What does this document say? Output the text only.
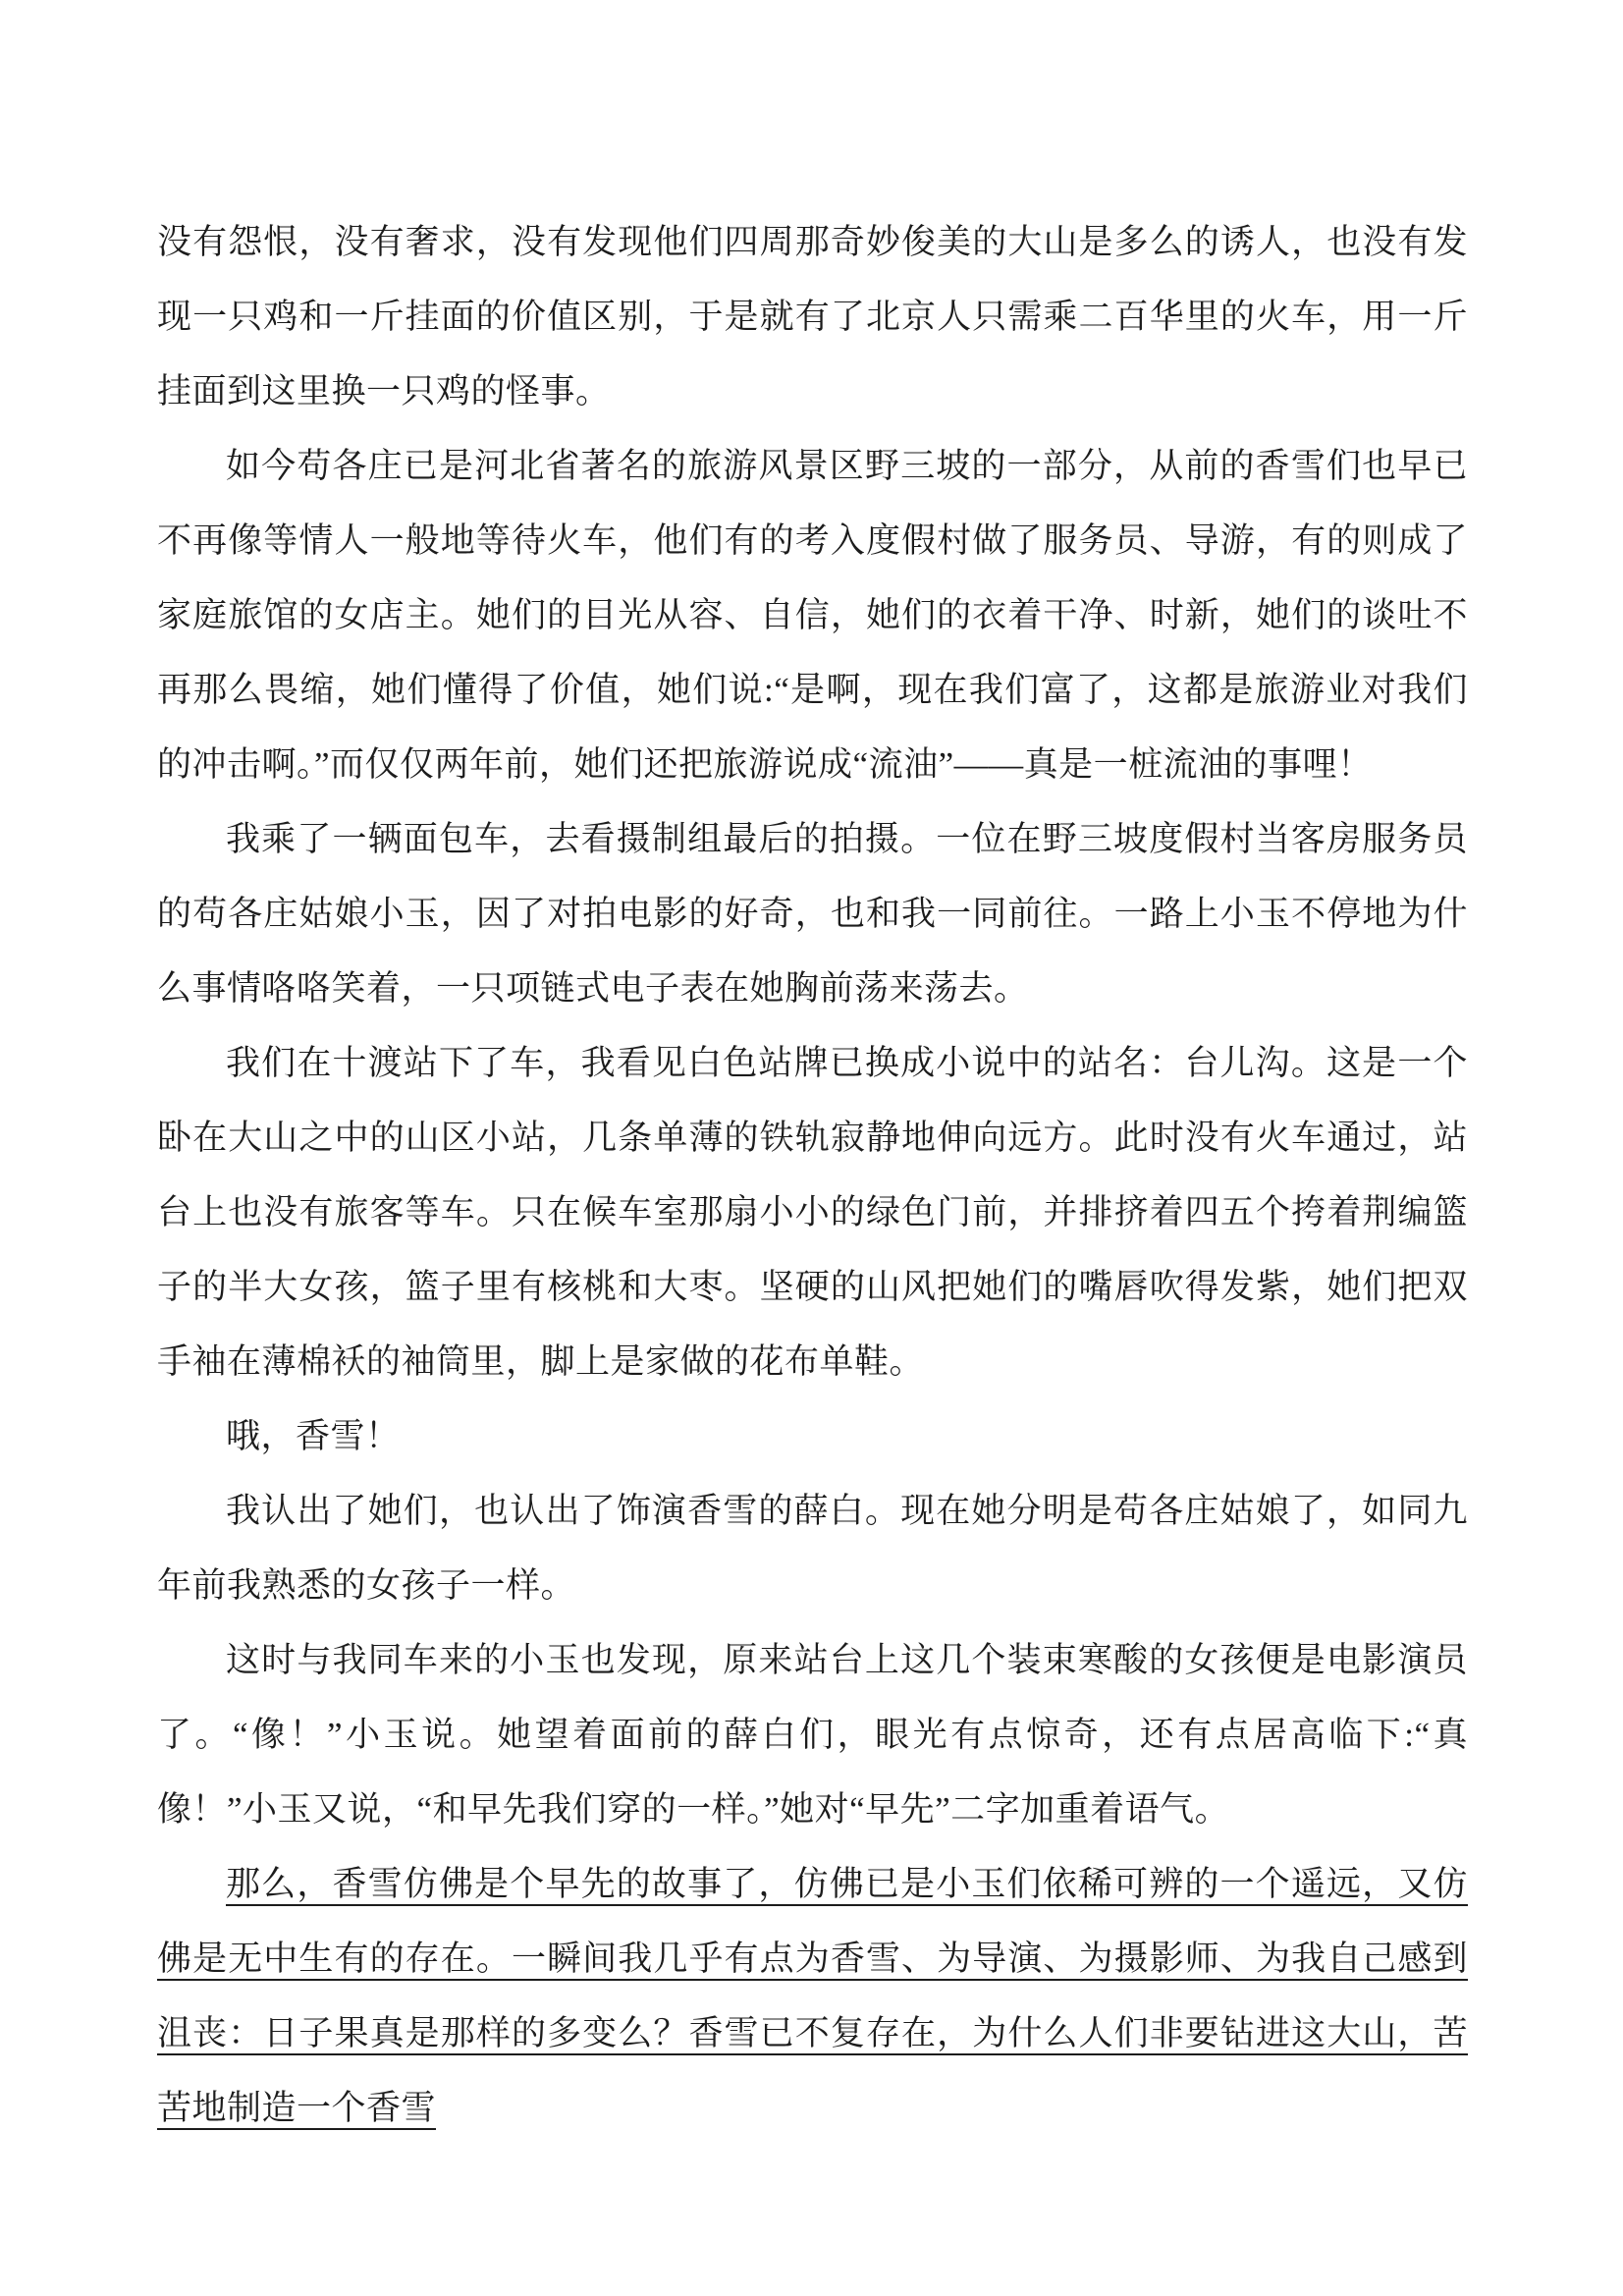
没有怨恨，没有奢求，没有发现他们四周那奇妙俊美的大山是多么的诱人，也没有发现一只鸡和一斤挂面的价值区别，于是就有了北京人只需乘二百华里的火车，用一斤挂面到这里换一只鸡的怪事。

如今苟各庄已是河北省著名的旅游风景区野三坡的一部分，从前的香雪们也早已不再像等情人一般地等待火车，他们有的考入度假村做了服务员、导游，有的则成了家庭旅馆的女店主。她们的目光从容、自信，她们的衣着干净、时新，她们的谈吐不再那么畏缩，她们懂得了价值，她们说:“是啊，现在我们富了，这都是旅游业对我们的冲击啊。”而仅仅两年前，她们还把旅游说成“流油”——真是一桩流油的事哩！

我乘了一辆面包车，去看摄制组最后的拍摄。一位在野三坡度假村当客房服务员的苟各庄姑娘小玉，因了对拍电影的好奇，也和我一同前往。一路上小玉不停地为什么事情咯咯笑着，一只项链式电子表在她胸前荡来荡去。

我们在十渡站下了车，我看见白色站牌已换成小说中的站名：台儿沟。这是一个卧在大山之中的山区小站，几条单薄的铁轨寂静地伸向远方。此时没有火车通过，站台上也没有旅客等车。只在候车室那扇小小的绿色门前，并排挤着四五个挎着荆编篮子的半大女孩，篮子里有核桃和大枣。坚硬的山风把她们的嘴唇吹得发紫，她们把双手袖在薄棉袄的袖筒里，脚上是家做的花布单鞋。

哦，香雪！

我认出了她们，也认出了饰演香雪的薛白。现在她分明是苟各庄姑娘了，如同九年前我熟悉的女孩子一样。

这时与我同车来的小玉也发现，原来站台上这几个装束寒酸的女孩便是电影演员了。“像！”小玉说。她望着面前的薛白们，眼光有点惊奇，还有点居高临下:“真像！”小玉又说，“和早先我们穿的一样。”她对“早先”二字加重着语气。

那么，香雪仿佛是个早先的故事了，仿佛已是小玉们依稀可辨的一个遥远，又仿佛是无中生有的存在。一瞬间我几乎有点为香雪、为导演、为摄影师、为我自己感到沮丧：日子果真是那样的多变么？香雪已不复存在，为什么人们非要钻进这大山，苦苦地制造一个香雪
